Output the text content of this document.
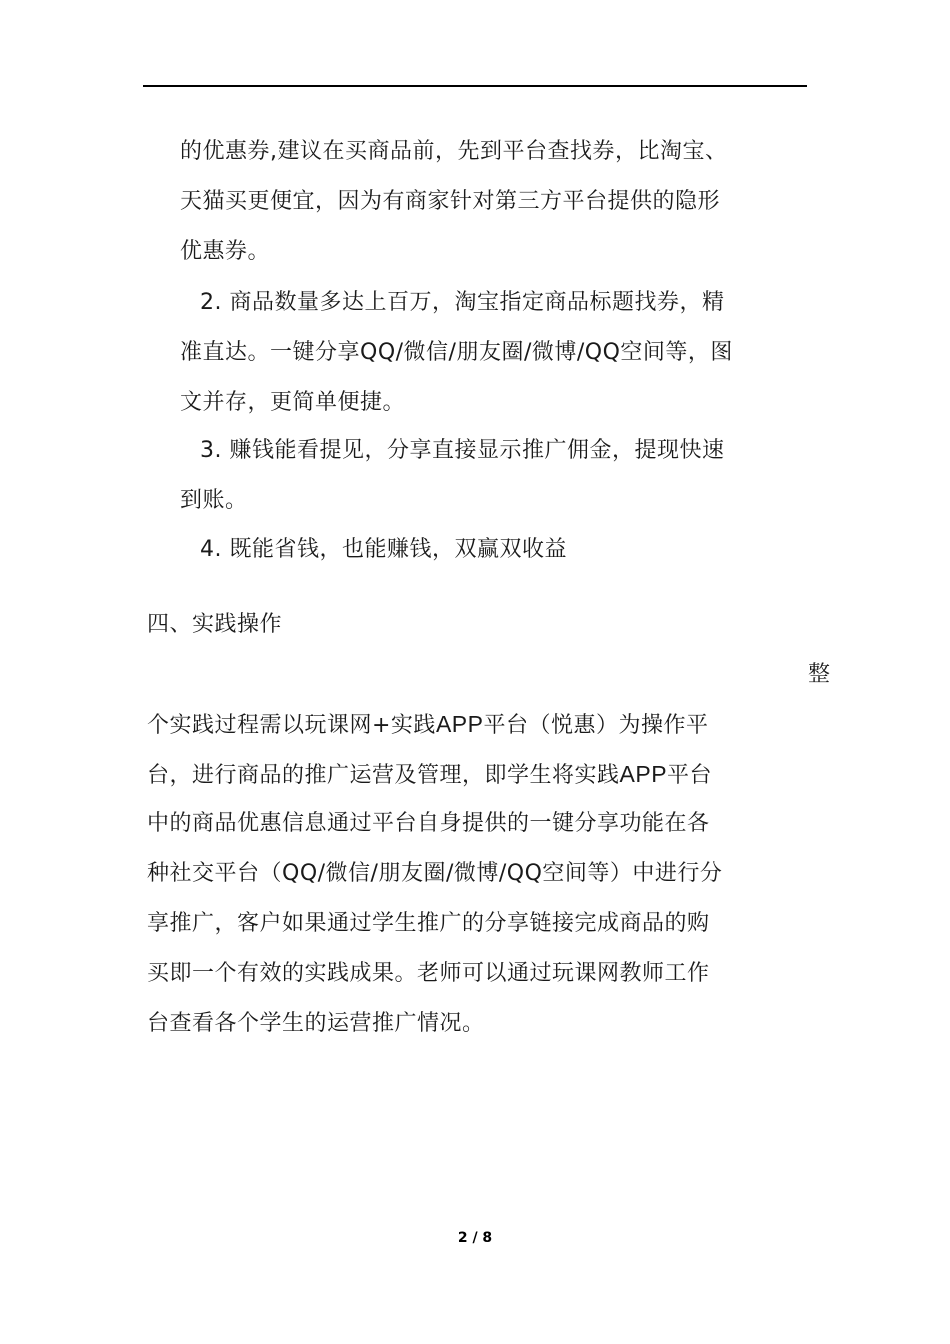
的优惠券,建议在买商品前，先到平台查找券，比淘宝、
天猫买更便宜，因为有商家针对第三方平台提供的隐形
优惠券。
2. 商品数量多达上百万，淘宝指定商品标题找券，精
准直达。一键分享QQ/微信/朋友圈/微博/QQ空间等，图
文并存，更简单便捷。
3. 赚钱能看提见，分享直接显示推广佣金，提现快速
到账。
4. 既能省钱，也能赚钱，双赢双收益
四、实践操作
整
个实践过程需以玩课网+实践APP平台（悦惠）为操作平
台，进行商品的推广运营及管理，即学生将实践APP平台
中的商品优惠信息通过平台自身提供的一键分享功能在各
种社交平台（QQ/微信/朋友圈/微博/QQ空间等）中进行分
享推广，客户如果通过学生推广的分享链接完成商品的购
买即一个有效的实践成果。老师可以通过玩课网教师工作
台查看各个学生的运营推广情况。
2 / 8
